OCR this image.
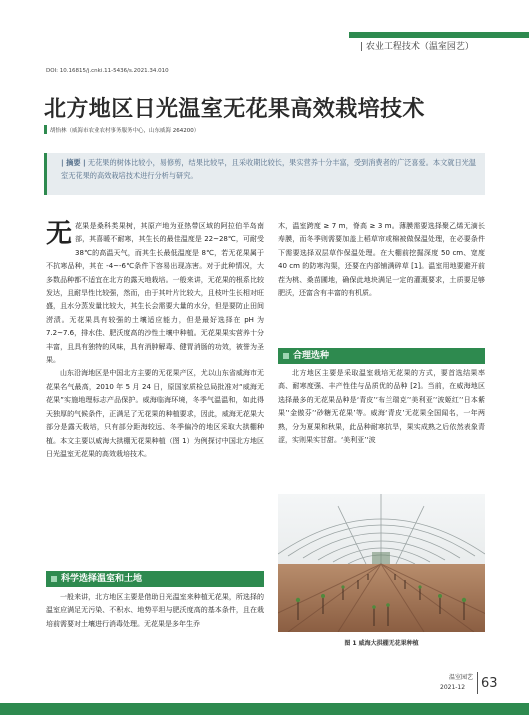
| 农业工程技术（温室园艺）
DOI: 10.16815/j.cnki.11-5436/s.2021.34.010
北方地区日光温室无花果高效栽培技术
胡怡林（威海市农业农村事务服务中心，山东威海 264200）
| 摘要 | 无花果的树体比较小，易修剪，结果比较早，且采收期比较长，果实营养十分丰富，受到消费者的广泛喜爱。本文就日光温室无花果的高效栽培技术进行分析与研究。

无花果是桑科类果树，其原产地为亚热带区域的阿拉伯半岛南部，其喜暖不耐寒，其生长的最佳温度是 22~28℃，可耐受 38℃的高温天气，而其生长最低温度是 8℃，若无花果属于不抗寒品种，其在 -4~-6℃条件下容易出现冻害。对于此种情况，大多数品种都不适宜在北方的露天地栽培。一般来讲，无花果的根系比较发达，且耐旱性比较强，然而，由于其叶片比较大，且枝叶生长相对旺盛，且水分蒸发量比较大，其生长会需要大量的水分，但是要防止田间涝渍。无花果具有较强的土壤适应能力，但是最好选择在 pH 为 7.2~7.6，排水佳、肥沃度高的沙性土壤中种植。无花果果实营养十分丰富，且具有独特的风味，具有消肿解毒、健胃消肠的功效，被誉为圣果。

山东沿海地区是中国北方主要的无花果产区，尤以山东省威海市无花果名气最高，2010 年 5 月 24 日，原国家质检总局批准对“威海无花果”实施地理标志产品保护。威海临海环境，冬季气温温和，如此得天独厚的气候条件，正满足了无花果的种植要求，因此，威海无花果大部分是露天栽培，只有部分距海较远、冬季偏冷的地区采取大拱棚种植。本文主要以威海大拱棚无花果种植（图 1）为例探讨中国北方地区日光温室无花果的高效栽培技术。

科学选择温室和土地

一般来讲，北方地区主要是借助日光温室来种植无花果，所选择的温室应满足无污染、不积水、地势平坦与肥沃度高的基本条件，且在栽培前需要对土壤进行消毒处理。无花果是多年生乔

木，温室跨度 ≥ 7 m，脊高 ≥ 3 m。薄膜需要选择聚乙烯无滴长寿膜，而冬季则需要加盖上稻草帘或棉被做保温处理，在必要条件下需要选择双层草作保温处理。在大棚前挖掘深度 50 cm、宽度 40 cm 的防寒沟渠，还要在内部铺满碎草 [1]。温室用地要避开前茬为桃、桑苗圃地，确保此地块满足一定的灌溉要求，土质要足够肥沃，还富含有丰富的有机质。

合理选种

北方地区主要是采取温室栽培无花果的方式，要首选结果率高、耐寒度强、丰产性佳与品质优的品种 [2]。当前，在威海地区选择最多的无花果品种是‘青皮’‘布兰瑞克’‘美利亚’‘波姬红’‘日本紫果’‘金傲芬’‘砂糖无花果’等。威海‘青皮’无花果全国闻名，一年两熟，分为夏果和秋果，此品种耐寒抗旱，果实成熟之后依然表象青涩，实则果实甘甜。‘美利亚’‘波

图 1 威海大拱棚无花果种植
温室园艺
2021-12 63
